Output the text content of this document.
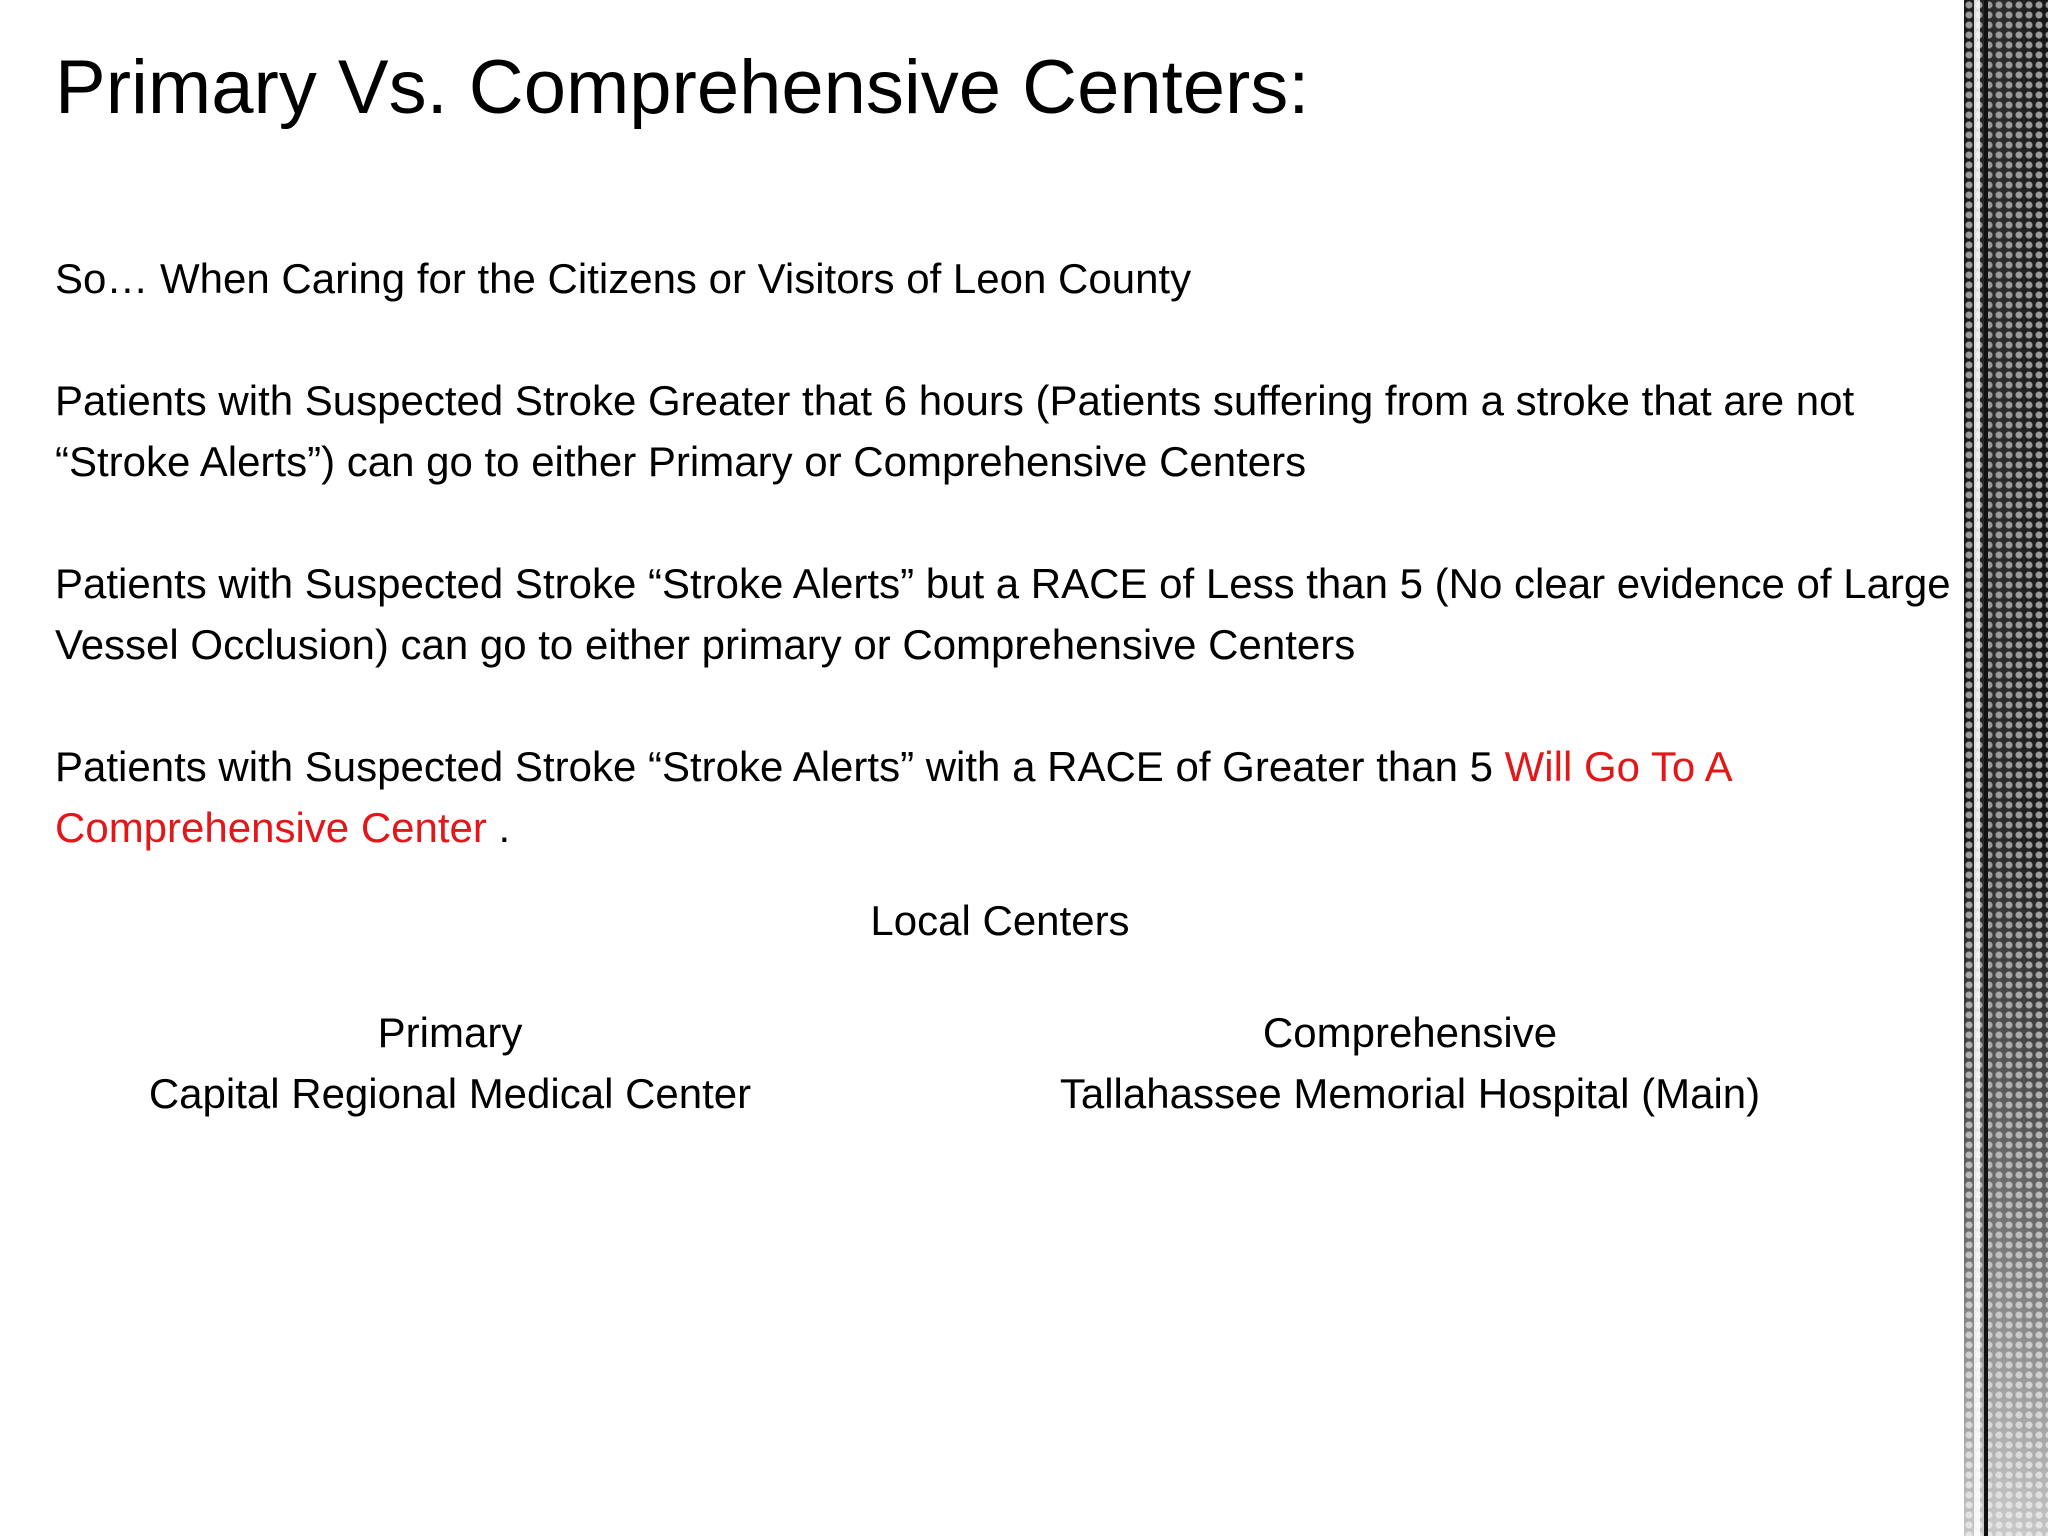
Primary Vs. Comprehensive Centers:

So… When Caring for the Citizens or Visitors of Leon County

Patients with Suspected Stroke Greater that 6 hours (Patients suffering from a stroke that are not “Stroke Alerts”) can go to either Primary or Comprehensive Centers

Patients with Suspected Stroke “Stroke Alerts” but a RACE of Less than 5 (No clear evidence of Large Vessel Occlusion) can go to either primary or Comprehensive Centers

Patients with Suspected Stroke “Stroke Alerts” with a RACE of Greater than 5 Will Go To A Comprehensive Center .

Local Centers
Primary
Capital Regional Medical Center
Comprehensive
Tallahassee Memorial Hospital (Main)
